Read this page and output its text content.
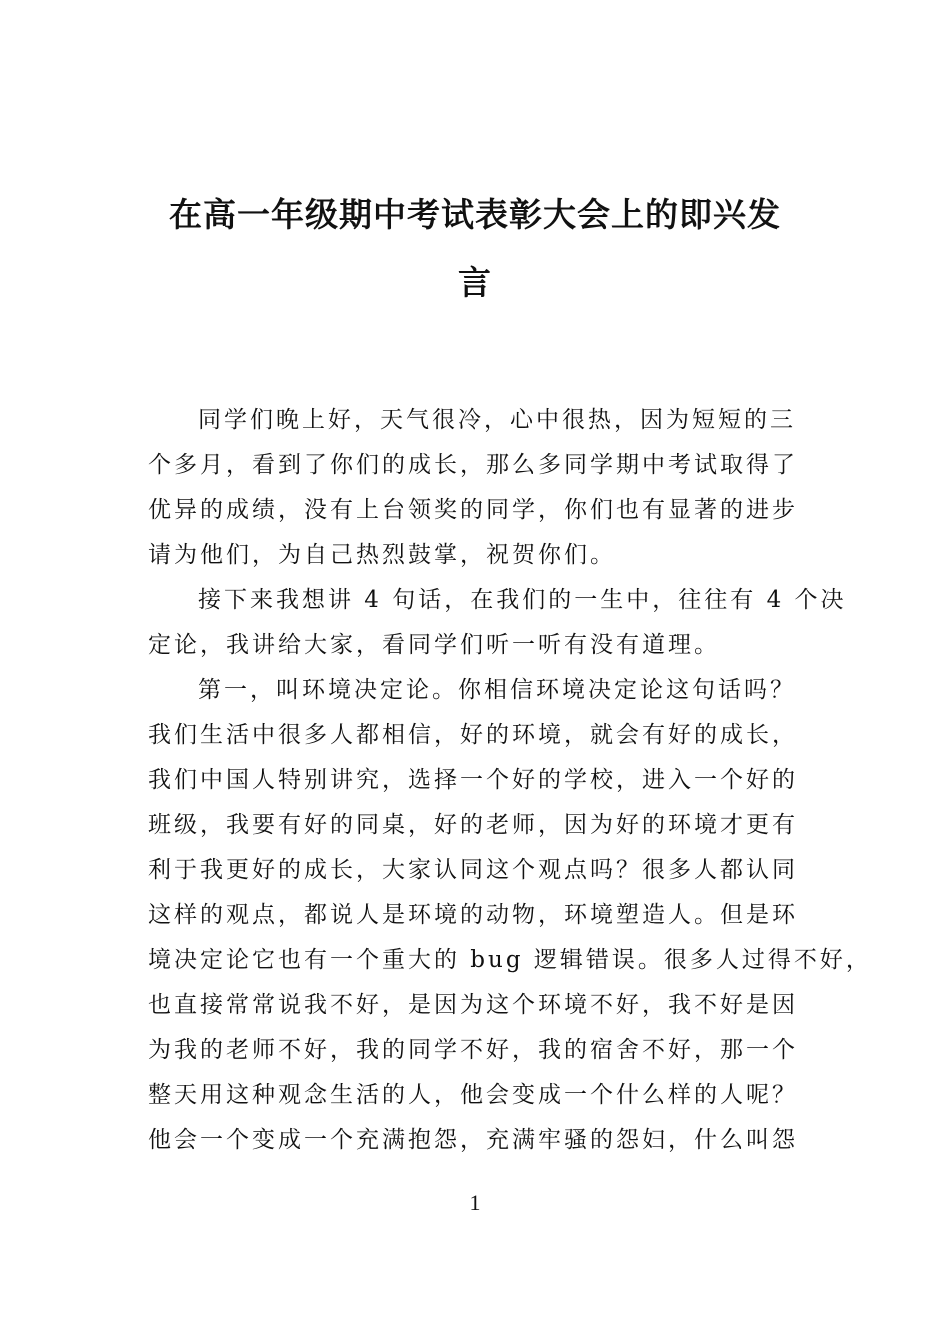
在高一年级期中考试表彰大会上的即兴发
言

同学们晚上好，天气很冷，心中很热，因为短短的三
个多月，看到了你们的成长，那么多同学期中考试取得了
优异的成绩，没有上台领奖的同学，你们也有显著的进步
请为他们，为自己热烈鼓掌，祝贺你们。

接下来我想讲 4 句话，在我们的一生中，往往有 4 个决
定论，我讲给大家，看同学们听一听有没有道理。

第一，叫环境决定论。你相信环境决定论这句话吗？
我们生活中很多人都相信，好的环境，就会有好的成长，
我们中国人特别讲究，选择一个好的学校，进入一个好的
班级，我要有好的同桌，好的老师，因为好的环境才更有
利于我更好的成长，大家认同这个观点吗？很多人都认同
这样的观点，都说人是环境的动物，环境塑造人。但是环
境决定论它也有一个重大的 bug 逻辑错误。很多人过得不好，
也直接常常说我不好，是因为这个环境不好，我不好是因
为我的老师不好，我的同学不好，我的宿舍不好，那一个
整天用这种观念生活的人，他会变成一个什么样的人呢？
他会一个变成一个充满抱怨，充满牢骚的怨妇，什么叫怨

1
